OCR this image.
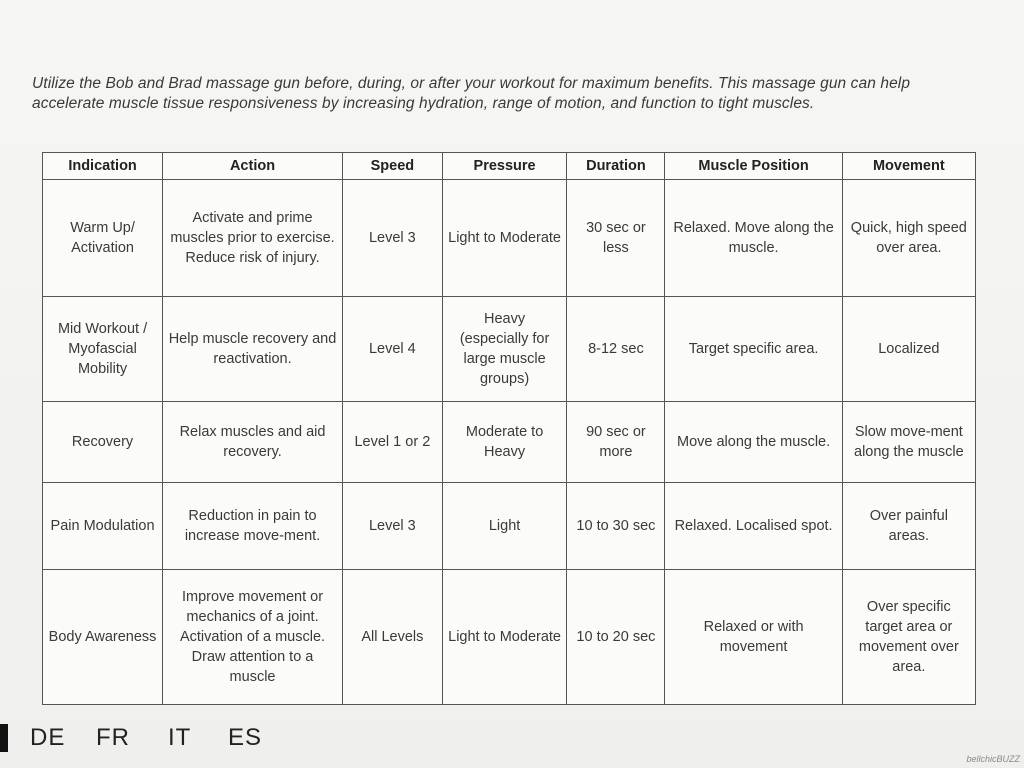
Utilize the Bob and Brad massage gun before, during, or after your workout for maximum benefits. This massage gun can help accelerate muscle tissue responsiveness by increasing hydration, range of motion, and function to tight muscles.

Indication	Action	Speed	Pressure	Duration	Muscle Position	Movement
Warm Up/ Activation	Activate and prime muscles prior to exercise. Reduce risk of injury.	Level 3	Light to Moderate	30 sec or less	Relaxed. Move along the muscle.	Quick, high speed over area.
Mid Workout / Myofascial Mobility	Help muscle recovery and reactivation.	Level 4	Heavy (especially for large muscle groups)	8-12 sec	Target specific area.	Localized
Recovery	Relax muscles and aid recovery.	Level 1 or 2	Moderate to Heavy	90 sec or more	Move along the muscle.	Slow move-ment along the muscle
Pain Modulation	Reduction in pain to increase move-ment.	Level 3	Light	10 to 30 sec	Relaxed. Localised spot.	Over painful areas.
Body Awareness	Improve movement or mechanics of a joint. Activation of a muscle. Draw attention to a muscle	All Levels	Light to Moderate	10 to 20 sec	Relaxed or with movement	Over specific target area or movement over area.
DE FR IT ES
bellchicBUZZ
